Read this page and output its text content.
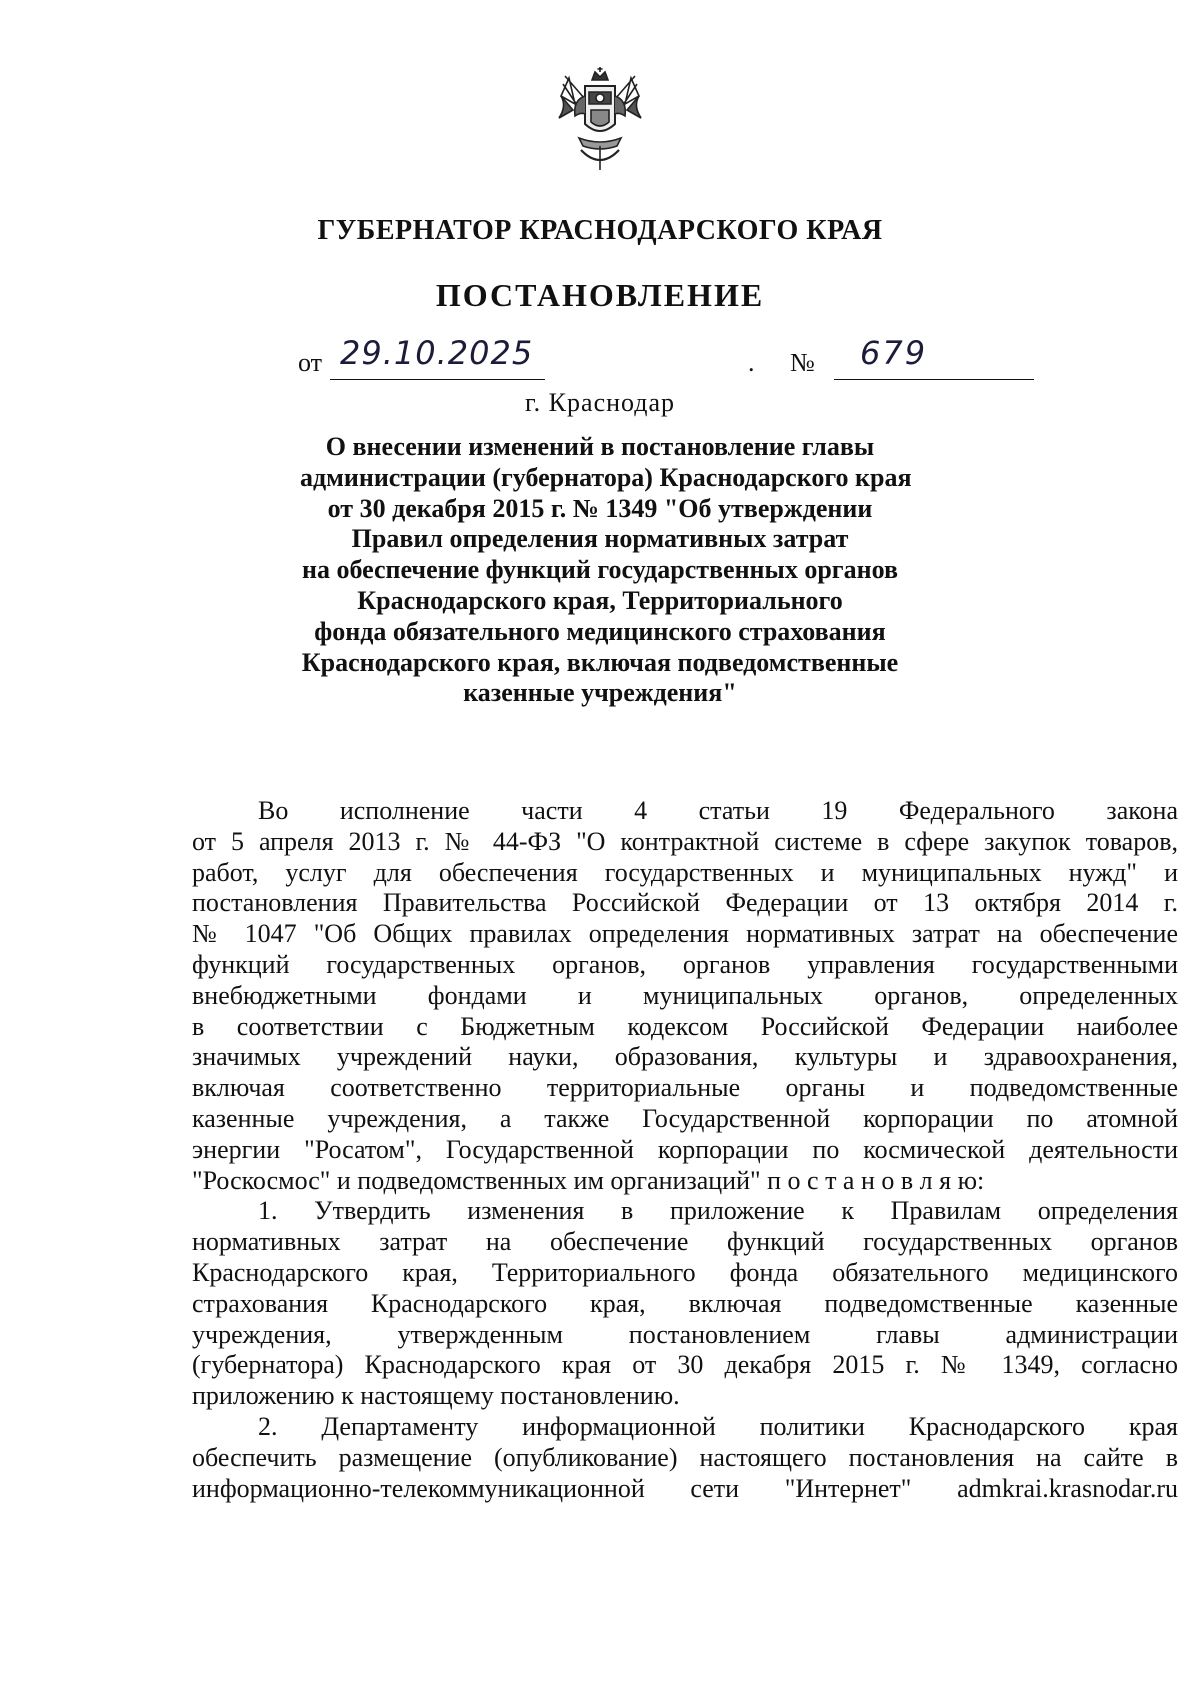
ГУБЕРНАТОР КРАСНОДАРСКОГО КРАЯ
ПОСТАНОВЛЕНИЕ
от 29.10.2025	. № 679
г. Краснодар
О внесении изменений в постановление главы
администрации (губернатора) Краснодарского края
от 30 декабря 2015 г. № 1349 "Об утверждении
Правил определения нормативных затрат
на обеспечение функций государственных органов
Краснодарского края, Территориального
фонда обязательного медицинского страхования
Краснодарского края, включая подведомственные
казенные учреждения"
Во исполнение части 4 статьи 19 Федерального закона
от 5 апреля 2013 г. № 44-ФЗ "О контрактной системе в сфере закупок товаров,
работ, услуг для обеспечения государственных и муниципальных нужд" и
постановления Правительства Российской Федерации от 13 октября 2014 г.
№ 1047 "Об Общих правилах определения нормативных затрат на обеспечение
функций государственных органов, органов управления государственными
внебюджетными фондами и муниципальных органов, определенных
в соответствии с Бюджетным кодексом Российской Федерации наиболее
значимых учреждений науки, образования, культуры и здравоохранения,
включая соответственно территориальные органы и подведомственные
казенные учреждения, а также Государственной корпорации по атомной
энергии "Росатом", Государственной корпорации по космической деятельности
"Роскосмос" и подведомственных им организаций" п о с т а н о в л я ю:
1. Утвердить изменения в приложение к Правилам определения
нормативных затрат на обеспечение функций государственных органов
Краснодарского края, Территориального фонда обязательного медицинского
страхования Краснодарского края, включая подведомственные казенные
учреждения, утвержденным постановлением главы администрации
(губернатора) Краснодарского края от 30 декабря 2015 г. № 1349, согласно
приложению к настоящему постановлению.
2. Департаменту информационной политики Краснодарского края
обеспечить размещение (опубликование) настоящего постановления на сайте в
информационно-телекоммуникационной сети "Интернет" admkrai.krasnodar.ru
